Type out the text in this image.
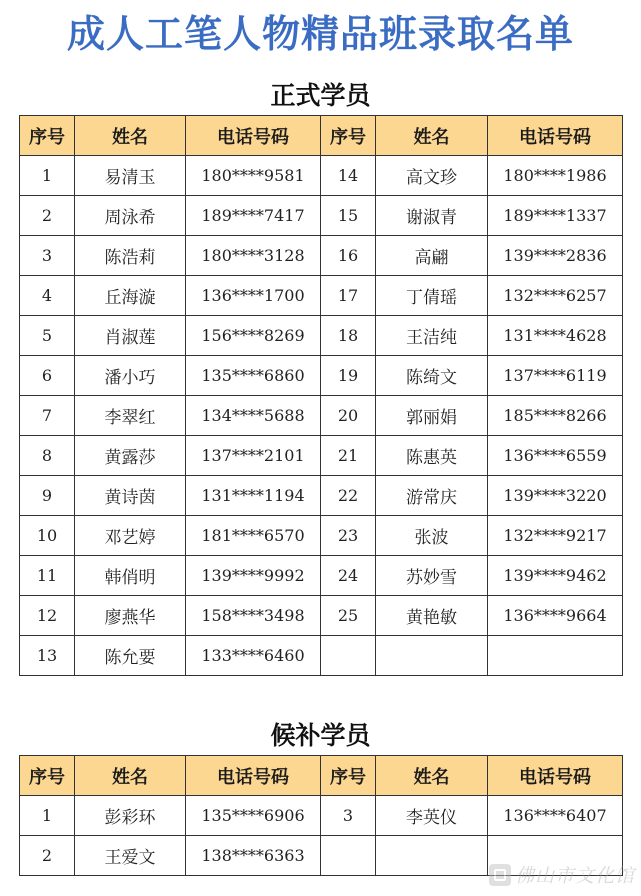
成人工笔人物精品班录取名单
正式学员
序号	姓名	电话号码	序号	姓名	电话号码
1	易清玉	180****9581	14	高文珍	180****1986
2	周泳希	189****7417	15	谢淑青	189****1337
3	陈浩莉	180****3128	16	高翩	139****2836
4	丘海漩	136****1700	17	丁倩瑶	132****6257
5	肖淑莲	156****8269	18	王洁纯	131****4628
6	潘小巧	135****6860	19	陈绮文	137****6119
7	李翠红	134****5688	20	郭丽娟	185****8266
8	黄露莎	137****2101	21	陈惠英	136****6559
9	黄诗茵	131****1194	22	游常庆	139****3220
10	邓艺婷	181****6570	23	张波	132****9217
11	韩俏明	139****9992	24	苏妙雪	139****9462
12	廖燕华	158****3498	25	黄艳敏	136****9664
13	陈允要	133****6460			
候补学员
序号	姓名	电话号码	序号	姓名	电话号码
1	彭彩环	135****6906	3	李英仪	136****6407
2	王爱文	138****6363			
佛山市文化馆
